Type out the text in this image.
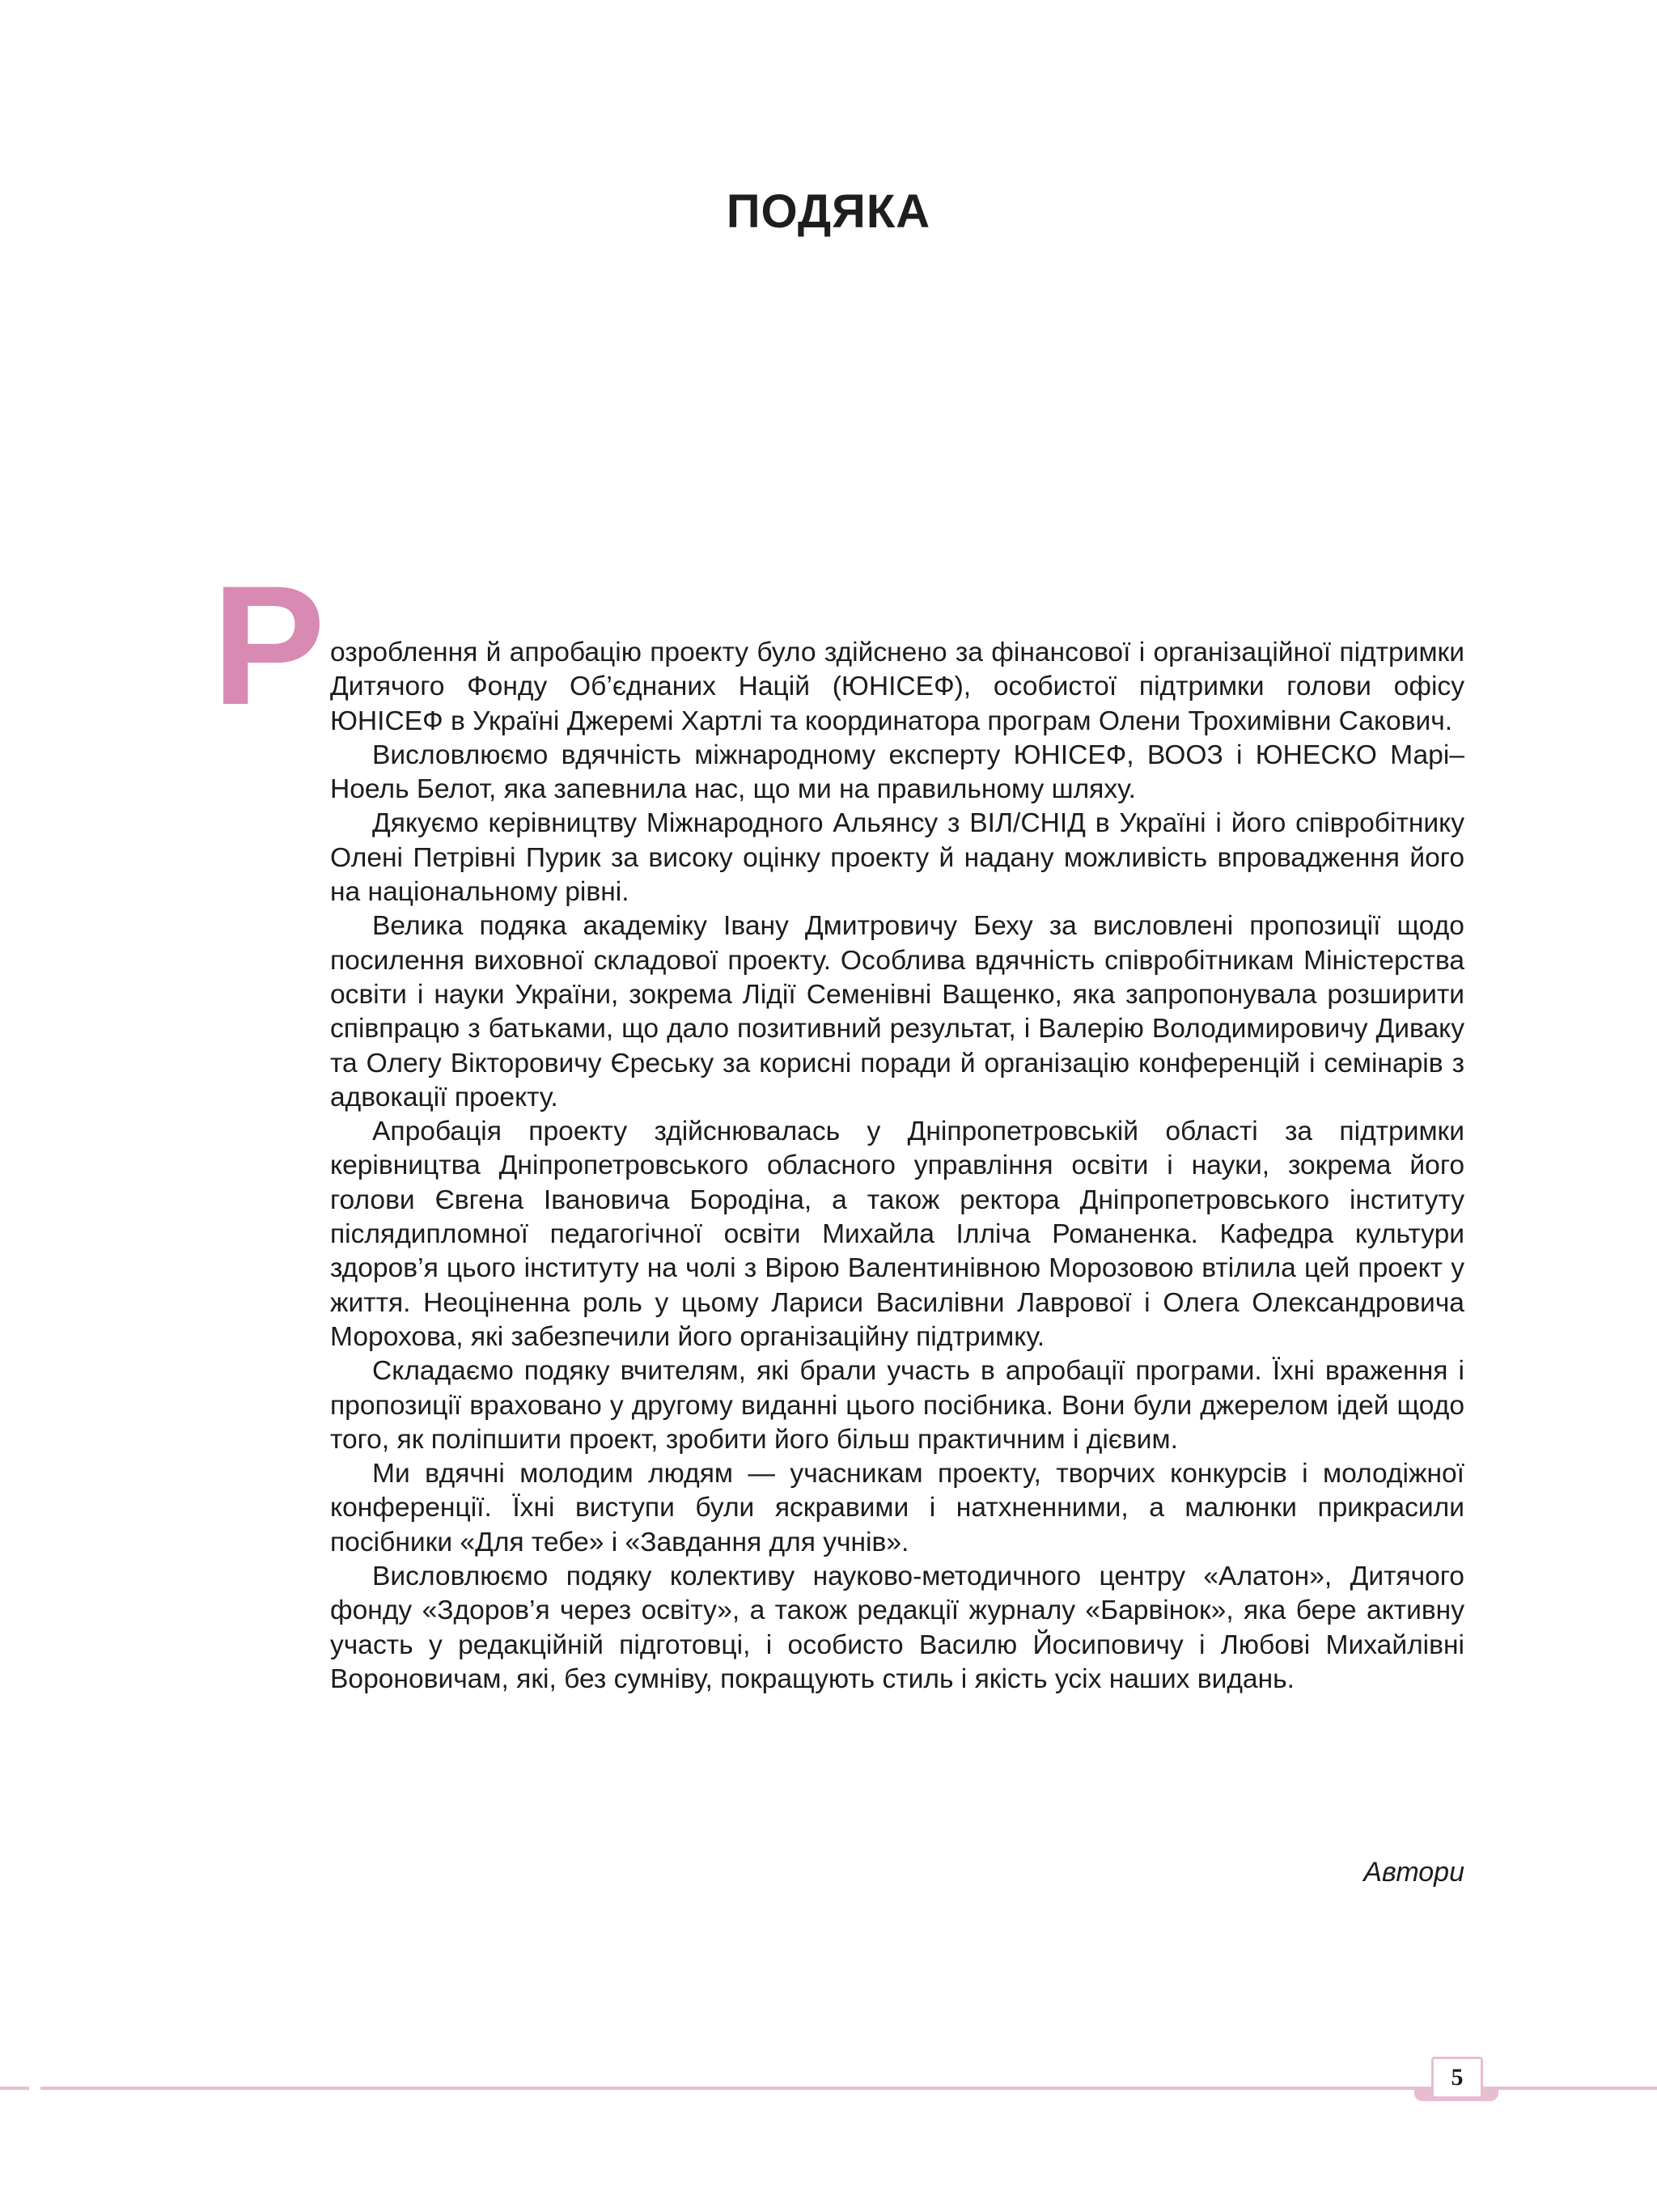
ПОДЯКА
Р озроблення й апробацію проекту було здійснено за фінансової і організаційної підтримки Дитячого Фонду Об’єднаних Націй (ЮНІСЕФ), особистої підтримки голови офісу ЮНІСЕФ в Україні Джеремі Хартлі та координатора програм Олени Трохимівни Сакович.

Висловлюємо вдячність міжнародному експерту ЮНІСЕФ, ВООЗ і ЮНЕСКО Марі–Ноель Белот, яка запевнила нас, що ми на правильному шляху.

Дякуємо керівництву Міжнародного Альянсу з ВІЛ/СНІД в Україні і його співробітнику Олені Петрівні Пурик за високу оцінку проекту й надану можливість впровадження його на національному рівні.

Велика подяка академіку Івану Дмитровичу Беху за висловлені пропозиції щодо посилення виховної складової проекту. Особлива вдячність співробітникам Міністерства освіти і науки України, зокрема Лідії Семенівні Ващенко, яка запропонувала розширити співпрацю з батьками, що дало позитивний результат, і Валерію Володимировичу Диваку та Олегу Вікторовичу Єреську за корисні поради й організацію конференцій і семінарів з адвокації проекту.

Апробація проекту здійснювалась у Дніпропетровській області за підтримки керівництва Дніпропетровського обласного управління освіти і науки, зокрема його голови Євгена Івановича Бородіна, а також ректора Дніпропетровського інституту післядипломної педагогічної освіти Михайла Ілліча Романенка. Кафедра культури здоров’я цього інституту на чолі з Вірою Валентинівною Морозовою втілила цей проект у життя. Неоціненна роль у цьому Лариси Василівни Лаврової і Олега Олександровича Морохова, які забезпечили його організаційну підтримку.

Складаємо подяку вчителям, які брали участь в апробації програми. Їхні враження і пропозиції враховано у другому виданні цього посібника. Вони були джерелом ідей щодо того, як поліпшити проект, зробити його більш практичним і дієвим.

Ми вдячні молодим людям — учасникам проекту, творчих конкурсів і молодіжної конференції. Їхні виступи були яскравими і натхненними, а малюнки прикрасили посібники «Для тебе» і «Завдання для учнів».

Висловлюємо подяку колективу науково-методичного центру «Алатон», Дитячого фонду «Здоров’я через освіту», а також редакції журналу «Барвінок», яка бере активну участь у редакційній підготовці, і особисто Василю Йосиповичу і Любові Михайлівні Вороновичам, які, без сумніву, покращують стиль і якість усіх наших видань.

Автори
5
